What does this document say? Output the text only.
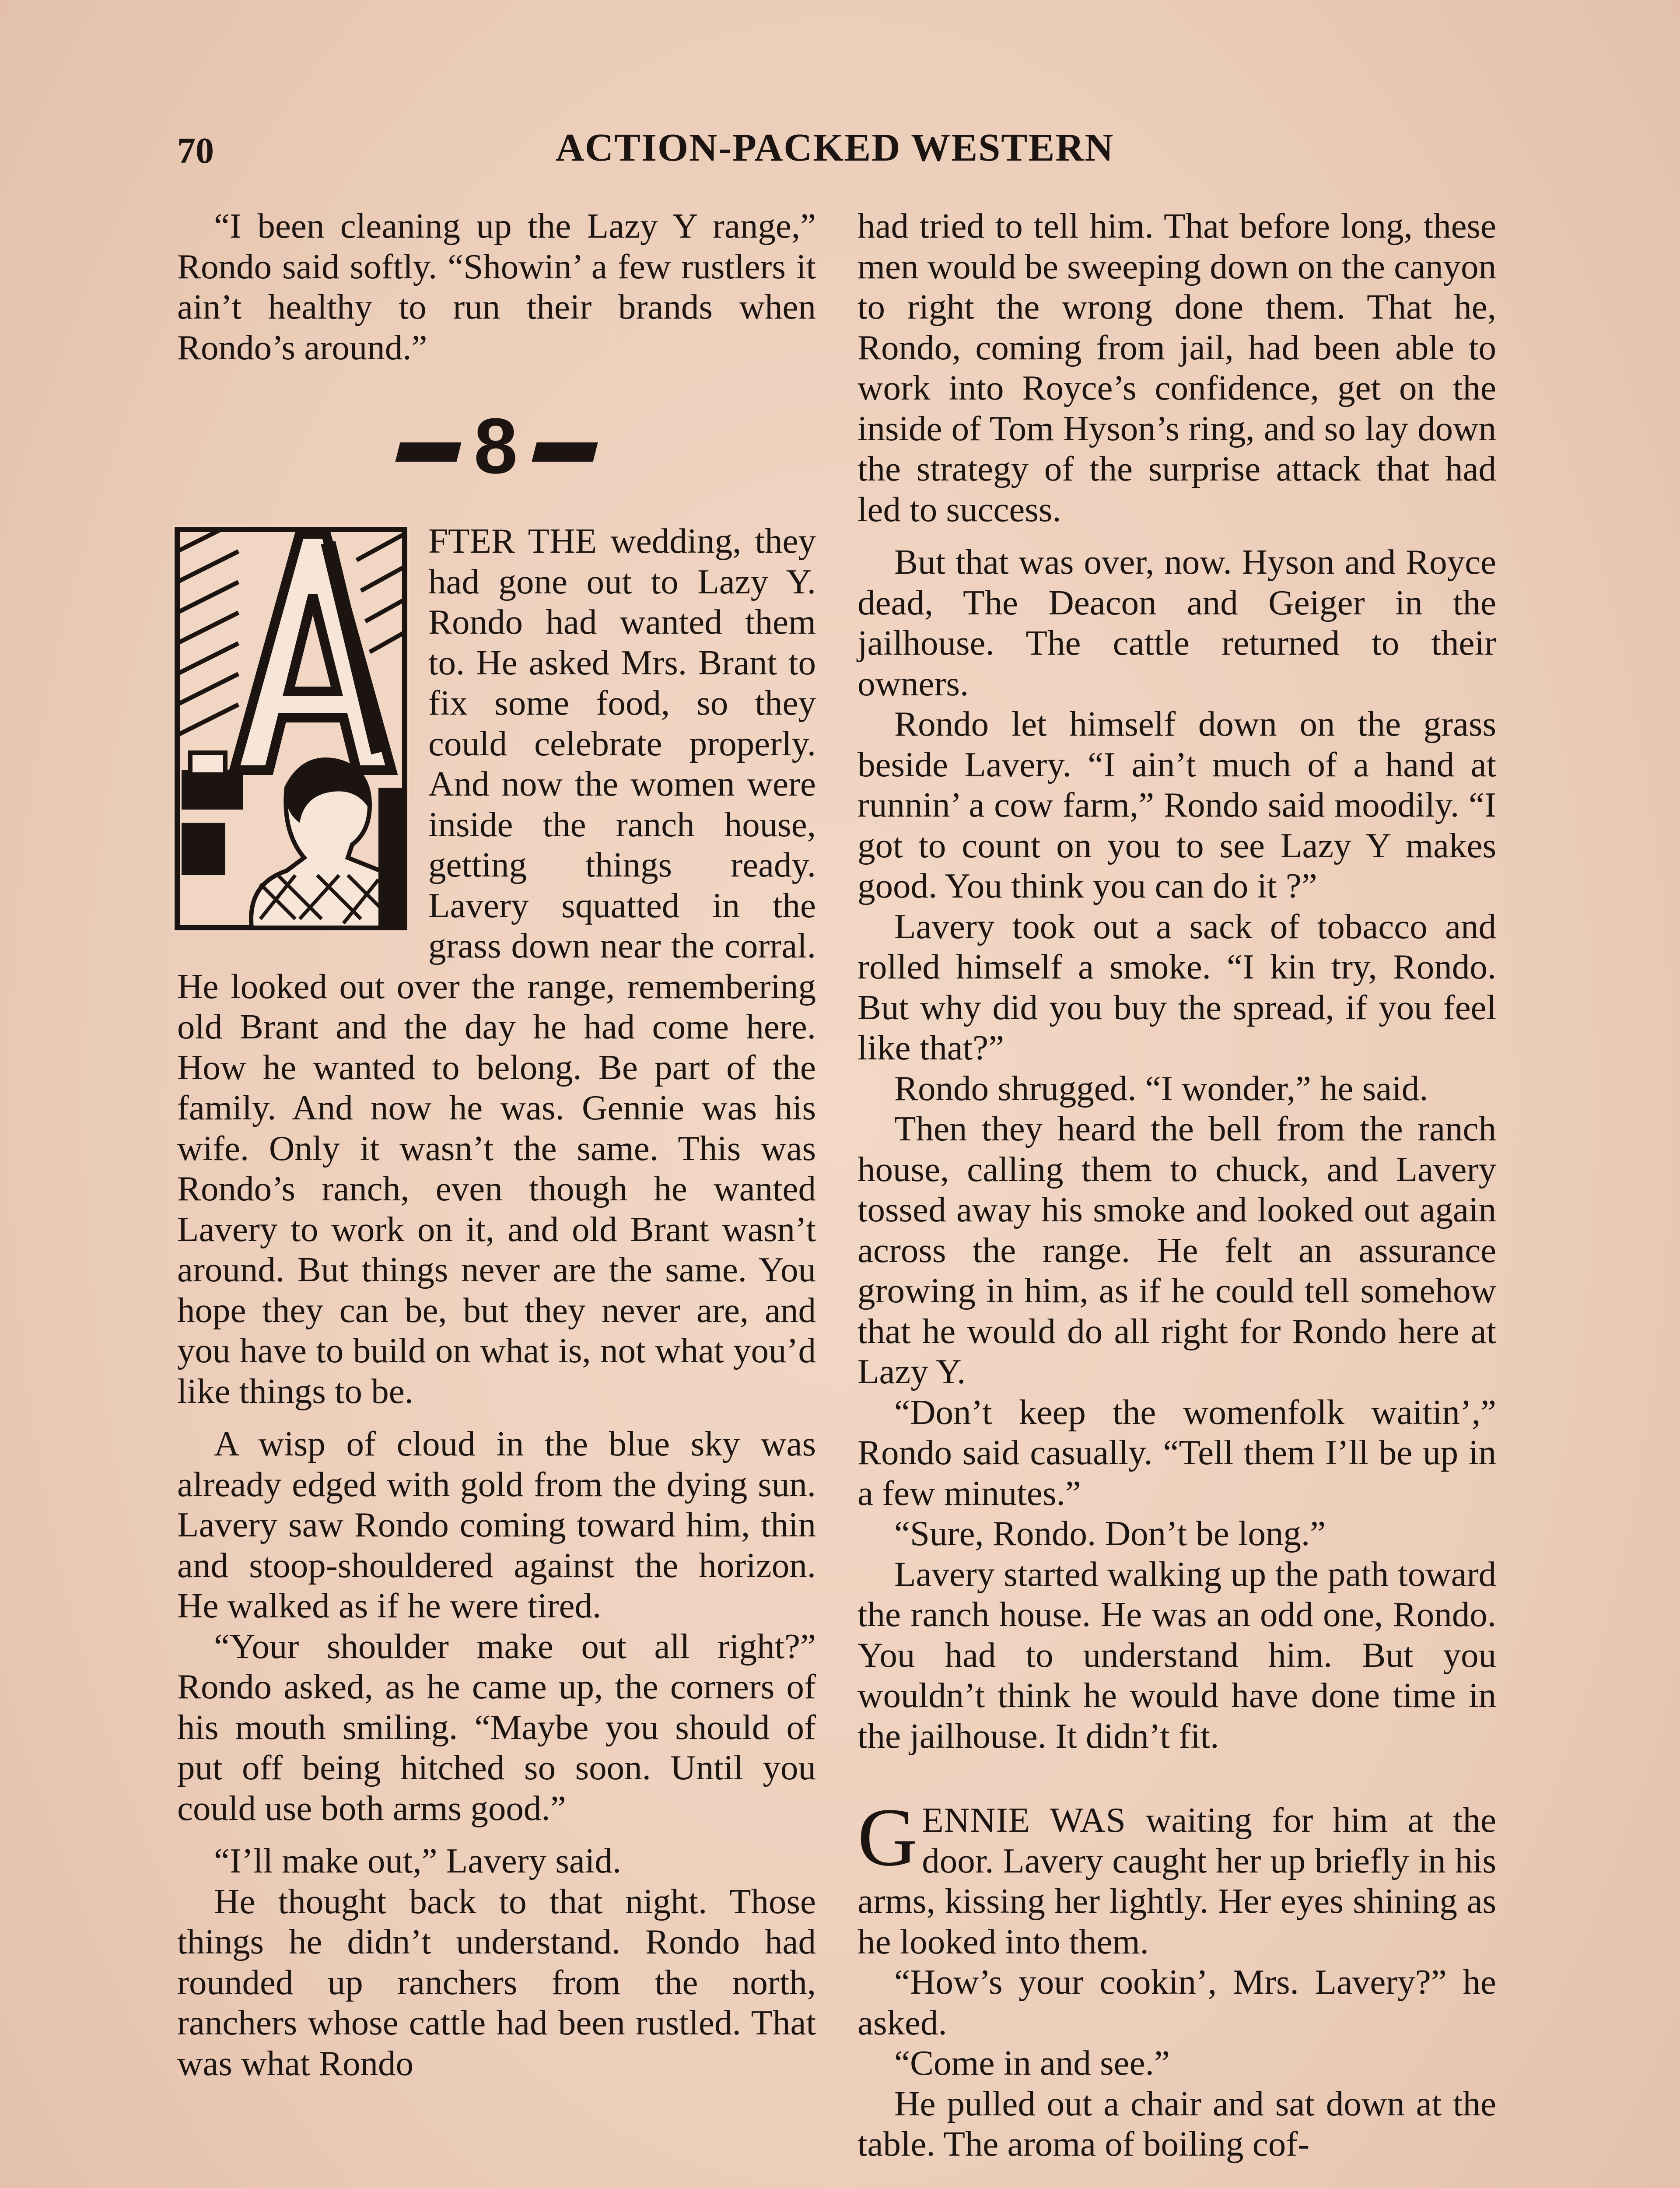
70	ACTION-PACKED WESTERN

“I been cleaning up the Lazy Y range,” Rondo said softly. “Showin’ a few rustlers it ain’t healthy to run their brands when Rondo’s around.”

8

FTER THE wedding, they had gone out to Lazy Y. Rondo had wanted them to. He asked Mrs. Brant to fix some food, so they could celebrate properly. And now the women were inside the ranch house, getting things ready. Lavery squatted in the grass down near the corral. He looked out over the range, remembering old Brant and the day he had come here. How he wanted to belong. Be part of the family. And now he was. Gennie was his wife. Only it wasn’t the same. This was Rondo’s ranch, even though he wanted Lavery to work on it, and old Brant wasn’t around. But things never are the same. You hope they can be, but they never are, and you have to build on what is, not what you’d like things to be.

A wisp of cloud in the blue sky was already edged with gold from the dying sun. Lavery saw Rondo coming toward him, thin and stoop-shouldered against the horizon. He walked as if he were tired.

“Your shoulder make out all right?” Rondo asked, as he came up, the corners of his mouth smiling. “Maybe you should of put off being hitched so soon. Until you could use both arms good.”

“I’ll make out,” Lavery said.

He thought back to that night. Those things he didn’t understand. Rondo had rounded up ranchers from the north, ranchers whose cattle had been rustled. That was what Rondo

had tried to tell him. That before long, these men would be sweeping down on the canyon to right the wrong done them. That he, Rondo, coming from jail, had been able to work into Royce’s confidence, get on the inside of Tom Hyson’s ring, and so lay down the strategy of the surprise attack that had led to success.

But that was over, now. Hyson and Royce dead, The Deacon and Geiger in the jailhouse. The cattle returned to their owners.

Rondo let himself down on the grass beside Lavery. “I ain’t much of a hand at runnin’ a cow farm,” Rondo said moodily. “I got to count on you to see Lazy Y makes good. You think you can do it ?”

Lavery took out a sack of tobacco and rolled himself a smoke. “I kin try, Rondo. But why did you buy the spread, if you feel like that?”

Rondo shrugged. “I wonder,” he said.

Then they heard the bell from the ranch house, calling them to chuck, and Lavery tossed away his smoke and looked out again across the range. He felt an assurance growing in him, as if he could tell somehow that he would do all right for Rondo here at Lazy Y.

“Don’t keep the womenfolk waitin’,” Rondo said casually. “Tell them I’ll be up in a few minutes.”

“Sure, Rondo. Don’t be long.”

Lavery started walking up the path toward the ranch house. He was an odd one, Rondo. You had to understand him. But you wouldn’t think he would have done time in the jailhouse. It didn’t fit.

GENNIE WAS waiting for him at the door. Lavery caught her up briefly in his arms, kissing her lightly. Her eyes shining as he looked into them.

“How’s your cookin’, Mrs. Lavery?” he asked.

“Come in and see.”

He pulled out a chair and sat down at the table. The aroma of boiling cof-
